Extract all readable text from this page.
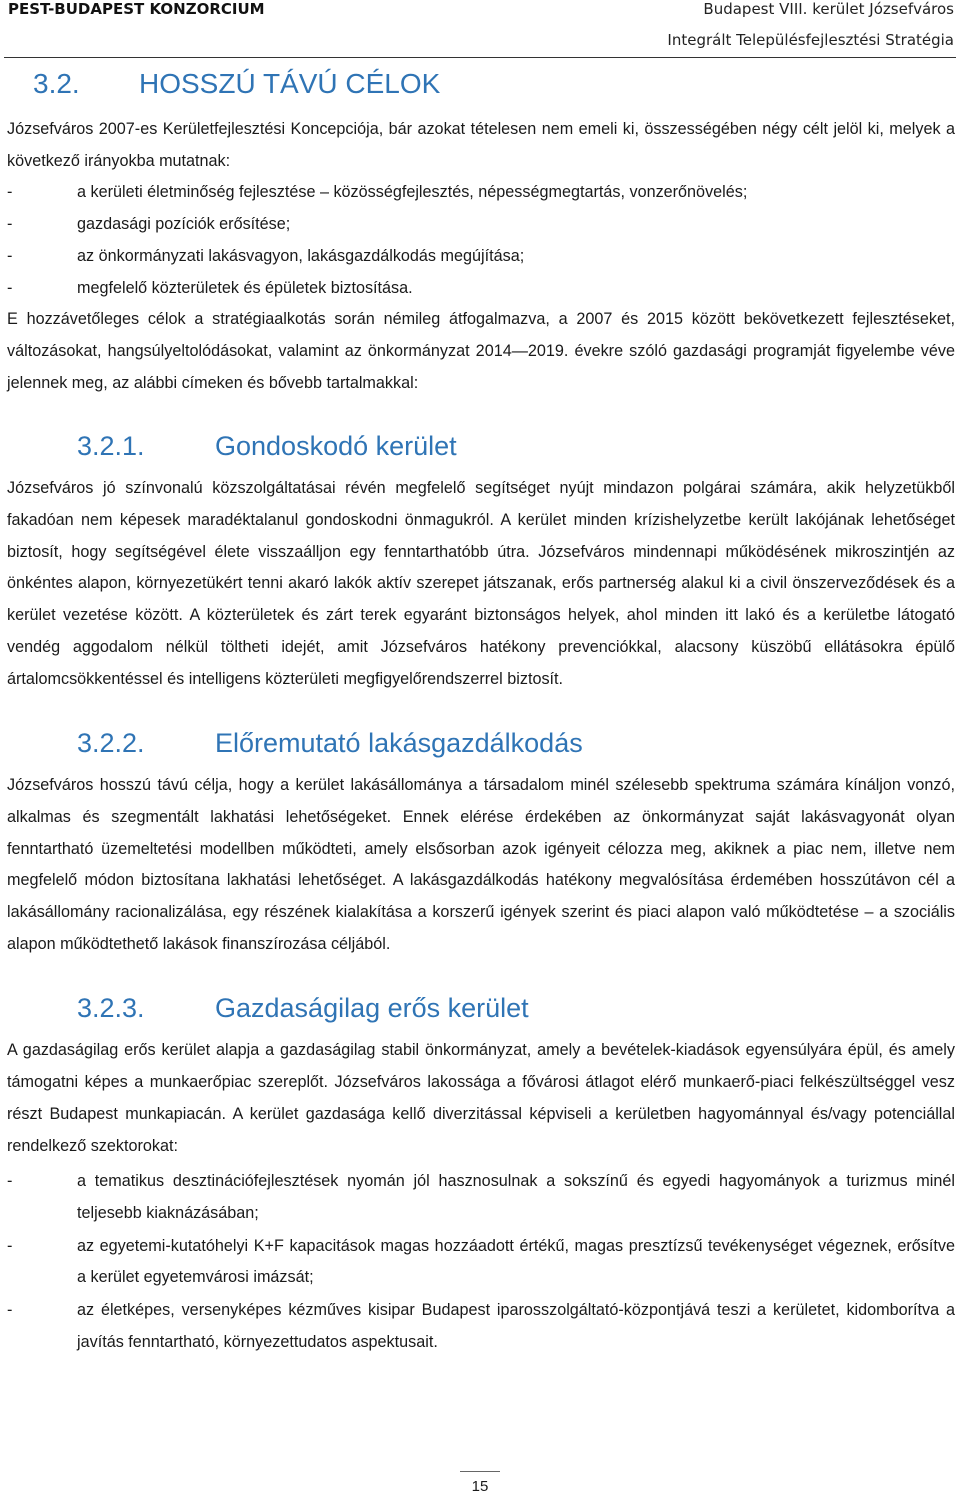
PEST-BUDAPEST KONZORCIUM	Budapest VIII. kerület Józsefváros
Integrált Településfejlesztési Stratégia
3.2.	HOSSZÚ TÁVÚ CÉLOK

Józsefváros 2007-es Kerületfejlesztési Koncepciója, bár azokat tételesen nem emeli ki, összességében négy célt jelöl ki, melyek a következő irányokba mutatnak:

- a kerületi életminőség fejlesztése – közösségfejlesztés, népességmegtartás, vonzerőnövelés;
- gazdasági pozíciók erősítése;
- az önkormányzati lakásvagyon, lakásgazdálkodás megújítása;
- megfelelő közterületek és épületek biztosítása.

E hozzávetőleges célok a stratégiaalkotás során némileg átfogalmazva, a 2007 és 2015 között bekövetkezett fejlesztéseket, változásokat, hangsúlyeltolódásokat, valamint az önkormányzat 2014—2019. évekre szóló gazdasági programját figyelembe véve jelennek meg, az alábbi címeken és bővebb tartalmakkal:

3.2.1.	Gondoskodó kerület

Józsefváros jó színvonalú közszolgáltatásai révén megfelelő segítséget nyújt mindazon polgárai számára, akik helyzetükből fakadóan nem képesek maradéktalanul gondoskodni önmagukról. A kerület minden krízishelyzetbe került lakójának lehetőséget biztosít, hogy segítségével élete visszaálljon egy fenntarthatóbb útra. Józsefváros mindennapi működésének mikroszintjén az önkéntes alapon, környezetükért tenni akaró lakók aktív szerepet játszanak, erős partnerség alakul ki a civil önszerveződések és a kerület vezetése között. A közterületek és zárt terek egyaránt biztonságos helyek, ahol minden itt lakó és a kerületbe látogató vendég aggodalom nélkül töltheti idejét, amit Józsefváros hatékony prevenciókkal, alacsony küszöbű ellátásokra épülő ártalomcsökkentéssel és intelligens közterületi megfigyelőrendszerrel biztosít.

3.2.2.	Előremutató lakásgazdálkodás

Józsefváros hosszú távú célja, hogy a kerület lakásállománya a társadalom minél szélesebb spektruma számára kínáljon vonzó, alkalmas és szegmentált lakhatási lehetőségeket. Ennek elérése érdekében az önkormányzat saját lakásvagyonát olyan fenntartható üzemeltetési modellben működteti, amely elsősorban azok igényeit célozza meg, akiknek a piac nem, illetve nem megfelelő módon biztosítana lakhatási lehetőséget. A lakásgazdálkodás hatékony megvalósítása érdemében hosszútávon cél a lakásállomány racionalizálása, egy részének kialakítása a korszerű igények szerint és piaci alapon való működtetése – a szociális alapon működtethető lakások finanszírozása céljából.

3.2.3.	Gazdaságilag erős kerület

A gazdaságilag erős kerület alapja a gazdaságilag stabil önkormányzat, amely a bevételek-kiadások egyensúlyára épül, és amely támogatni képes a munkaerőpiac szereplőt. Józsefváros lakossága a fővárosi átlagot elérő munkaerő-piaci felkészültséggel vesz részt Budapest munkapiacán. A kerület gazdasága kellő diverzitással képviseli a kerületben hagyománnyal és/vagy potenciállal rendelkező szektorokat:

- a tematikus desztinációfejlesztések nyomán jól hasznosulnak a sokszínű és egyedi hagyományok a turizmus minél teljesebb kiaknázásában;
- az egyetemi-kutatóhelyi K+F kapacitások magas hozzáadott értékű, magas presztízsű tevékenységet végeznek, erősítve a kerület egyetemvárosi imázsát;
- az életképes, versenyképes kézműves kisipar Budapest iparosszolgáltató-központjává teszi a kerületet, kidomborítva a javítás fenntartható, környezettudatos aspektusait.
15
